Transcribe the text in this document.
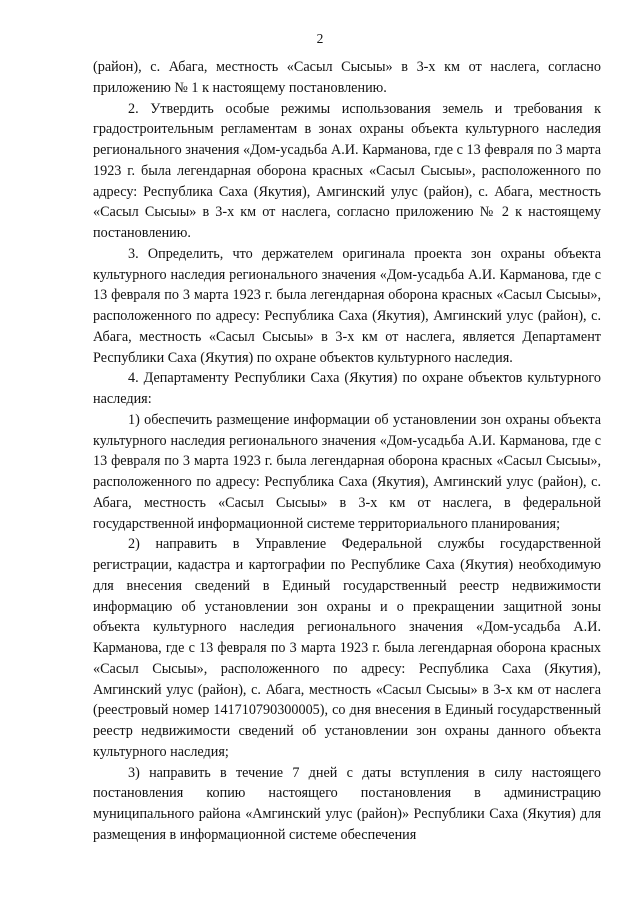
2

(район), с. Абага, местность «Сасыл Сысыы» в 3-х км от наслега, согласно приложению № 1 к настоящему постановлению.

2. Утвердить особые режимы использования земель и требования к градостроительным регламентам в зонах охраны объекта культурного наследия регионального значения «Дом-усадьба А.И. Карманова, где с 13 февраля по 3 марта 1923 г. была легендарная оборона красных «Сасыл Сысыы», расположенного по адресу: Республика Саха (Якутия), Амгинский улус (район), с. Абага, местность «Сасыл Сысыы» в 3-х км от наслега, согласно приложению № 2 к настоящему постановлению.

3. Определить, что держателем оригинала проекта зон охраны объекта культурного наследия регионального значения «Дом-усадьба А.И. Карманова, где с 13 февраля по 3 марта 1923 г. была легендарная оборона красных «Сасыл Сысыы», расположенного по адресу: Республика Саха (Якутия), Амгинский улус (район), с. Абага, местность «Сасыл Сысыы» в 3-х км от наслега, является Департамент Республики Саха (Якутия) по охране объектов культурного наследия.

4. Департаменту Республики Саха (Якутия) по охране объектов культурного наследия:

1) обеспечить размещение информации об установлении зон охраны объекта культурного наследия регионального значения «Дом-усадьба А.И. Карманова, где с 13 февраля по 3 марта 1923 г. была легендарная оборона красных «Сасыл Сысыы», расположенного по адресу: Республика Саха (Якутия), Амгинский улус (район), с. Абага, местность «Сасыл Сысыы» в 3-х км от наслега, в федеральной государственной информационной системе территориального планирования;

2) направить в Управление Федеральной службы государственной регистрации, кадастра и картографии по Республике Саха (Якутия) необходимую для внесения сведений в Единый государственный реестр недвижимости информацию об установлении зон охраны и о прекращении защитной зоны объекта культурного наследия регионального значения «Дом-усадьба А.И. Карманова, где с 13 февраля по 3 марта 1923 г. была легендарная оборона красных «Сасыл Сысыы», расположенного по адресу: Республика Саха (Якутия), Амгинский улус (район), с. Абага, местность «Сасыл Сысыы» в 3-х км от наслега (реестровый номер 141710790300005), со дня внесения в Единый государственный реестр недвижимости сведений об установлении зон охраны данного объекта культурного наследия;

3) направить в течение 7 дней с даты вступления в силу настоящего постановления копию настоящего постановления в администрацию муниципального района «Амгинский улус (район)» Республики Саха (Якутия) для размещения в информационной системе обеспечения
